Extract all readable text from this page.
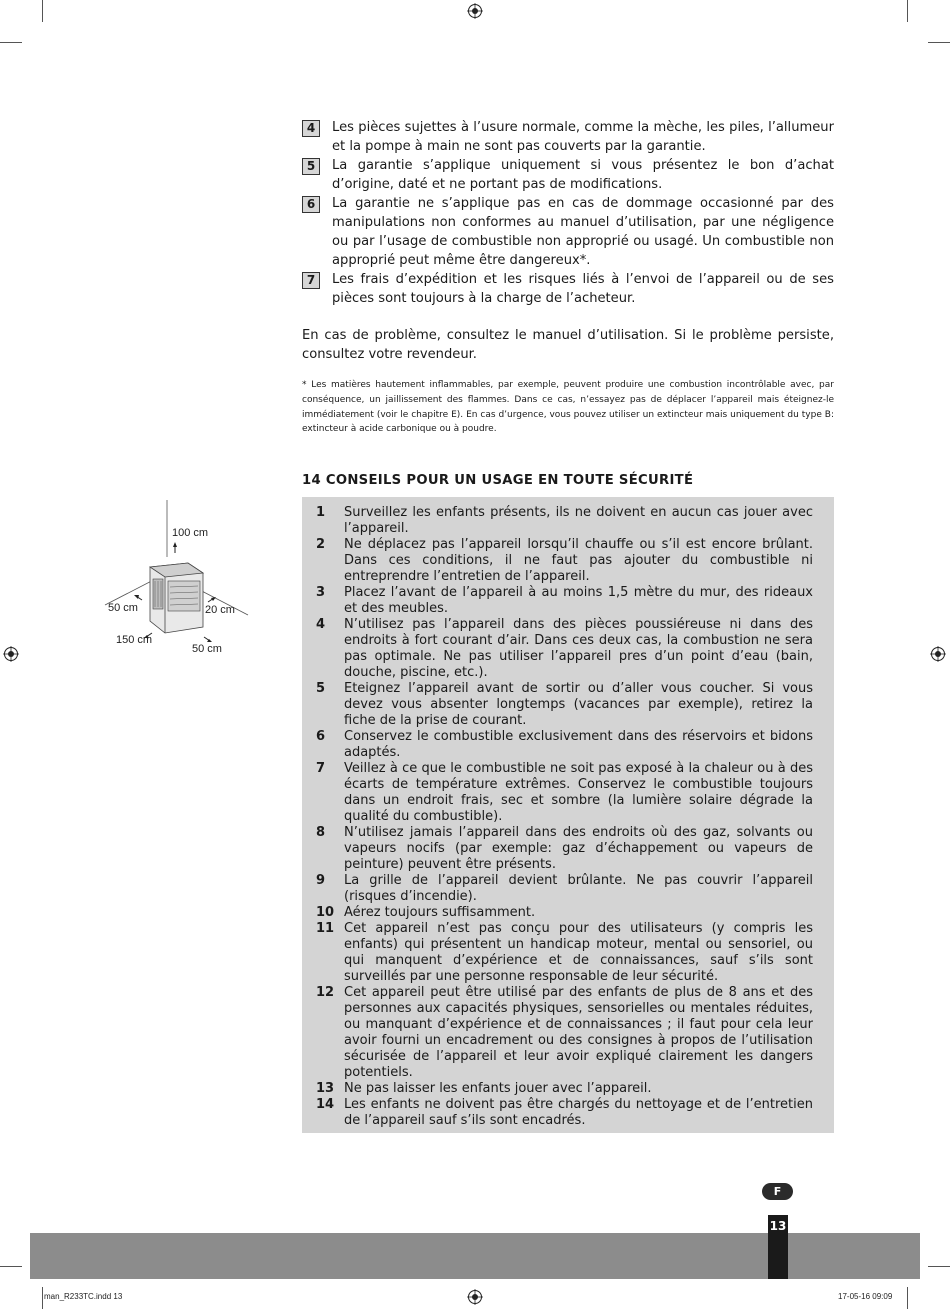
4	Les pièces sujettes à l’usure normale, comme la mèche, les piles, l’allumeur et la pompe à main ne sont pas couverts par la garantie.
5	La garantie s’applique uniquement si vous présentez le bon d’achat d’origine, daté et ne portant pas de modifications.
6	La garantie ne s’applique pas en cas de dommage occasionné par des manipulations non conformes au manuel d’utilisation, par une négligence ou par l’usage de combustible non approprié ou usagé. Un combustible non approprié peut même être dangereux*.
7	Les frais d’expédition et les risques liés à l’envoi de l’appareil ou de ses pièces sont toujours à la charge de l’acheteur.
En cas de problème, consultez le manuel d’utilisation. Si le problème persiste, consultez votre revendeur.
* Les matières hautement inflammables, par exemple, peuvent produire une combustion incontrôlable avec, par conséquence, un jaillissement des flammes. Dans ce cas, n’essayez pas de déplacer l’appareil mais éteignez-le immédiatement (voir le chapitre E). En cas d’urgence, vous pouvez utiliser un extincteur mais uniquement du type B: extincteur à acide carbonique ou à poudre.
14 CONSEILS POUR UN USAGE EN TOUTE SÉCURITÉ
100 cm
50 cm	20 cm
150 cm
50 cm
1	Surveillez les enfants présents, ils ne doivent en aucun cas jouer avec l’appareil.
2	Ne déplacez pas l’appareil lorsqu’il chauffe ou s’il est encore brûlant. Dans ces conditions, il ne faut pas ajouter du combustible ni entreprendre l’entretien de l’appareil.
3	Placez l’avant de l’appareil à au moins 1,5 mètre du mur, des rideaux et des meubles.
4	N’utilisez pas l’appareil dans des pièces poussiéreuse ni dans des endroits à fort courant d’air. Dans ces deux cas, la combustion ne sera pas optimale. Ne pas utiliser l’appareil pres d’un point d’eau (bain, douche, piscine, etc.).
5	Eteignez l’appareil avant de sortir ou d’aller vous coucher. Si vous devez vous absenter longtemps (vacances par exemple), retirez la fiche de la prise de courant.
6	Conservez le combustible exclusivement dans des réservoirs et bidons adaptés.
7	Veillez à ce que le combustible ne soit pas exposé à la chaleur ou à des écarts de température extrêmes. Conservez le combustible toujours dans un endroit frais, sec et sombre (la lumière solaire dégrade la qualité du combustible).
8	N’utilisez jamais l’appareil dans des endroits où des gaz, solvants ou vapeurs nocifs (par exemple: gaz d’échappement ou vapeurs de peinture) peuvent être présents.
9	La grille de l’appareil devient brûlante. Ne pas couvrir l’appareil (risques d’incendie).
10 Aérez toujours suffisamment.
11 Cet appareil n’est pas conçu pour des utilisateurs (y compris les enfants) qui présentent un handicap moteur, mental ou sensoriel, ou qui manquent d’expérience et de connaissances, sauf s’ils sont surveillés par une personne responsable de leur sécurité.
12 Cet appareil peut être utilisé par des enfants de plus de 8 ans et des personnes aux capacités physiques, sensorielles ou mentales réduites, ou manquant d’expérience et de connaissances ; il faut pour cela leur avoir fourni un encadrement ou des consignes à propos de l’utilisation sécurisée de l’appareil et leur avoir expliqué clairement les dangers potentiels.
13 Ne pas laisser les enfants jouer avec l’appareil.
14 Les enfants ne doivent pas être chargés du nettoyage et de l’entretien de l’appareil sauf s’ils sont encadrés.
F
13
man_R233TC.indd 13	17-05-16 09:09
